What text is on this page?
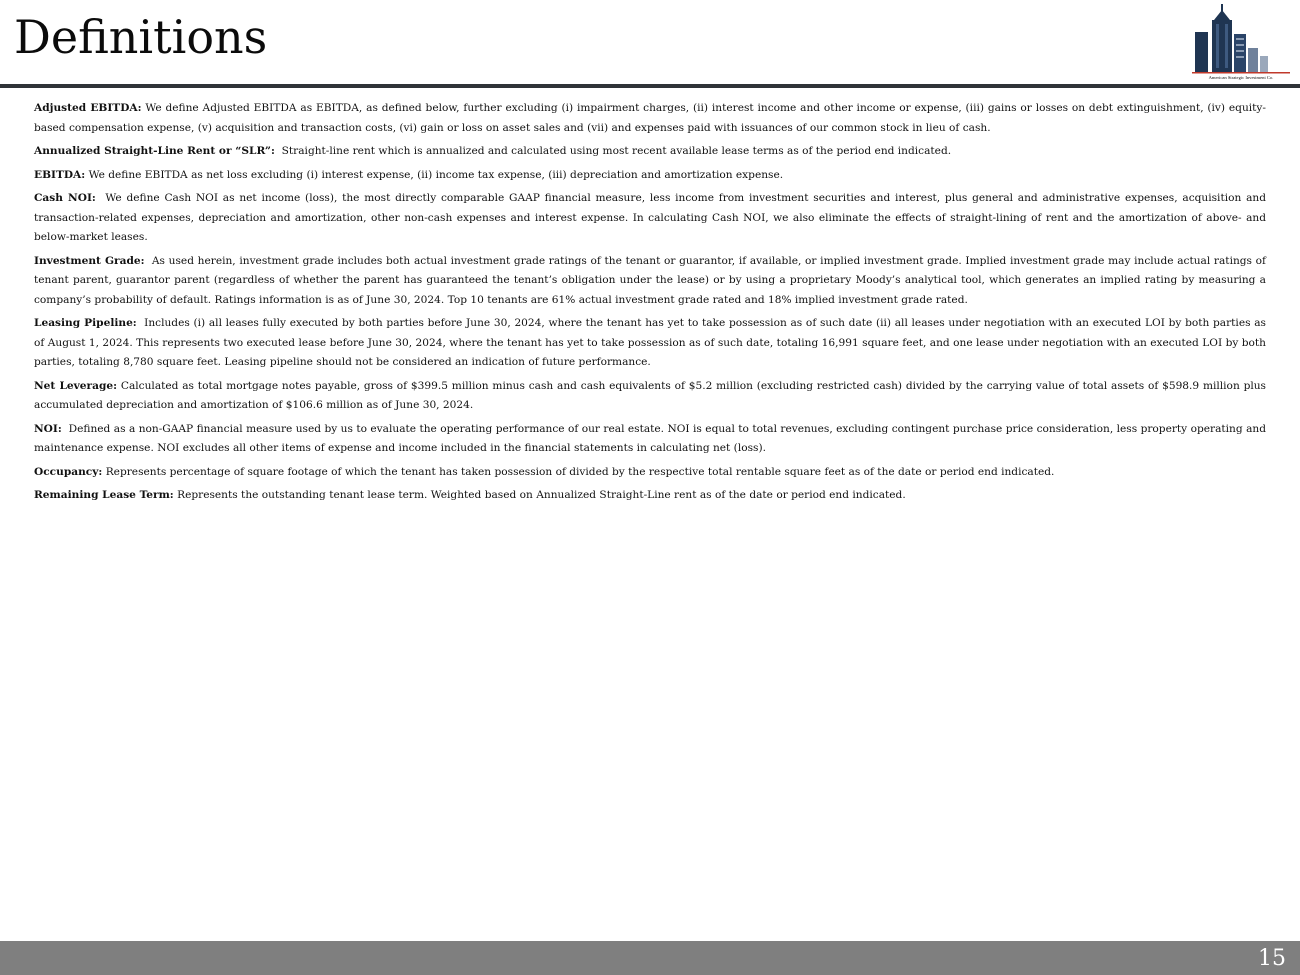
Definitions
American Strategic Investment Co.

Adjusted EBITDA: We define Adjusted EBITDA as EBITDA, as defined below, further excluding (i) impairment charges, (ii) interest income and other income or expense, (iii) gains or losses on debt extinguishment, (iv) equity-based compensation expense, (v) acquisition and transaction costs, (vi) gain or loss on asset sales and (vii) and expenses paid with issuances of our common stock in lieu of cash.

Annualized Straight-Line Rent or “SLR”: Straight-line rent which is annualized and calculated using most recent available lease terms as of the period end indicated.

EBITDA: We define EBITDA as net loss excluding (i) interest expense, (ii) income tax expense, (iii) depreciation and amortization expense.

Cash NOI: We define Cash NOI as net income (loss), the most directly comparable GAAP financial measure, less income from investment securities and interest, plus general and administrative expenses, acquisition and transaction-related expenses, depreciation and amortization, other non-cash expenses and interest expense. In calculating Cash NOI, we also eliminate the effects of straight-lining of rent and the amortization of above- and below-market leases.

Investment Grade: As used herein, investment grade includes both actual investment grade ratings of the tenant or guarantor, if available, or implied investment grade. Implied investment grade may include actual ratings of tenant parent, guarantor parent (regardless of whether the parent has guaranteed the tenant’s obligation under the lease) or by using a proprietary Moody’s analytical tool, which generates an implied rating by measuring a company’s probability of default. Ratings information is as of June 30, 2024. Top 10 tenants are 61% actual investment grade rated and 18% implied investment grade rated.

Leasing Pipeline: Includes (i) all leases fully executed by both parties before June 30, 2024, where the tenant has yet to take possession as of such date (ii) all leases under negotiation with an executed LOI by both parties as of August 1, 2024. This represents two executed lease before June 30, 2024, where the tenant has yet to take possession as of such date, totaling 16,991 square feet, and one lease under negotiation with an executed LOI by both parties, totaling 8,780 square feet. Leasing pipeline should not be considered an indication of future performance.

Net Leverage: Calculated as total mortgage notes payable, gross of $399.5 million minus cash and cash equivalents of $5.2 million (excluding restricted cash) divided by the carrying value of total assets of $598.9 million plus accumulated depreciation and amortization of $106.6 million as of June 30, 2024.

NOI: Defined as a non-GAAP financial measure used by us to evaluate the operating performance of our real estate. NOI is equal to total revenues, excluding contingent purchase price consideration, less property operating and maintenance expense. NOI excludes all other items of expense and income included in the financial statements in calculating net (loss).

Occupancy: Represents percentage of square footage of which the tenant has taken possession of divided by the respective total rentable square feet as of the date or period end indicated.

Remaining Lease Term: Represents the outstanding tenant lease term. Weighted based on Annualized Straight-Line rent as of the date or period end indicated.

15
